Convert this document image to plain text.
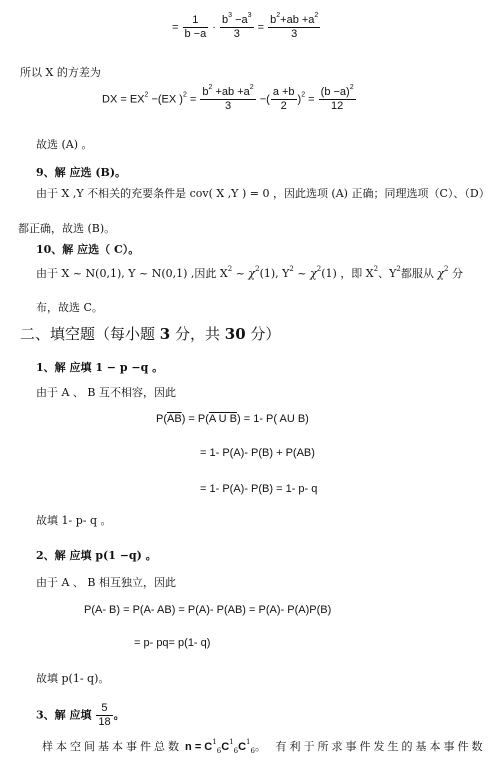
= $\frac{1}{b -a} \cdot \frac{b^3 -a^3}{3} = \frac{b^2+ab +a^2}{3}$
所以 X 的方差为
DX = $EX^2 -(EX$ )$^2 = \frac{b^2 +ab +a^2}{3}$ −( $\frac{a +b}{2} )^2 = \frac{(b -a)^2}{12}$
故选 (A) 。
9、解 应选 (B)。
由于 X ,Y 不相关的充要条件是 cov( X ,Y ) = 0 ，因此选项 (A) 正确；同理选项（C）、（D）
都正确，故选 (B)。
10、解 应选（ C）。
由于 X ~ N(0,1), Y ~ N(0,1) ,因此 $X^2$ ~ $\chi^2(1)$, $Y^2$ ~ $\chi^2(1)$ ，即 $X^2$、$Y^2$都服从 $\chi^2$ 分
布，故选 C。
二、填空题（每小题 3 分，共 30 分）
1、解 应填 1 − p −q 。
由于 A 、 B 互不相容，因此
$P(\overline{AB}) = P(A$ U B) = 1- P( AU B)
= 1- P(A)- P(B) + P(AB)
= 1- P(A)- P(B) = 1- p- q
故填 1- p- q 。
2、解 应填 p(1 −q) 。
由于 A 、 B 相互独立，因此
P(A- B) = P(A- AB) = P(A)- P(AB) = P(A)- P(A)P(B)
= p- pq= p(1- q)
故填 p(1- q)。
3、解 应填 $\frac{5}{18}$ 。
样本空间基本事件总数 $n = C^1_6C^1_6C^1_6$。 有利于所求事件发生的基本事件数
